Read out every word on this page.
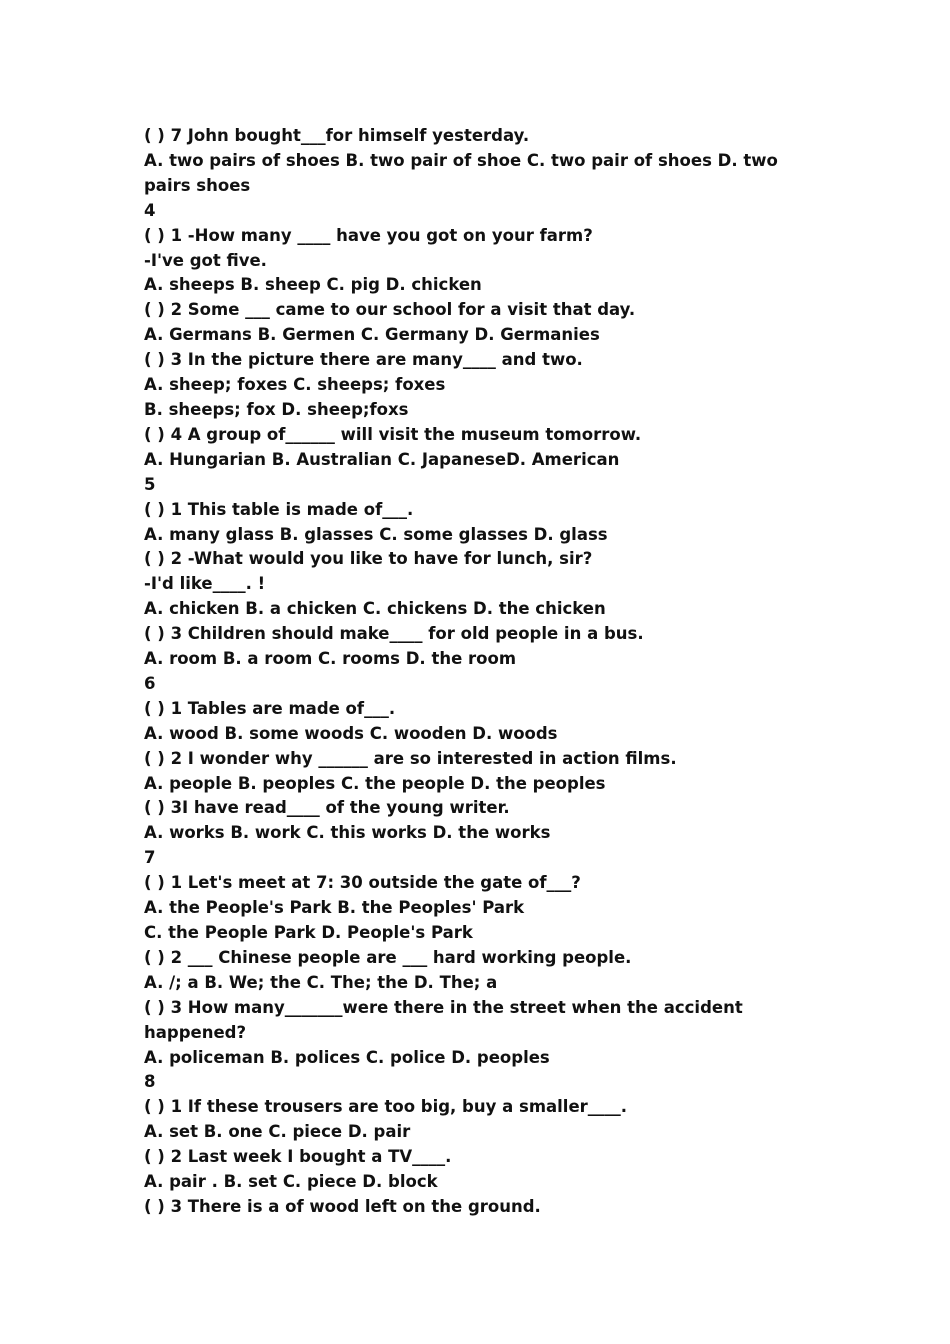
( ) 7 John bought___for himself yesterday.
A. two pairs of shoes B. two pair of shoe C. two pair of shoes D. two
pairs shoes
4
( ) 1 -How many ____ have you got on your farm?
-I've got five.
A. sheeps B. sheep C. pig D. chicken
( ) 2 Some ___ came to our school for a visit that day.
A. Germans B. Germen C. Germany D. Germanies
( ) 3 In the picture there are many____ and two.
A. sheep; foxes C. sheeps; foxes
B. sheeps; fox D. sheep;foxs
( ) 4 A group of______ will visit the museum tomorrow.
A. Hungarian B. Australian C. JapaneseD. American
5
( ) 1 This table is made of___.
A. many glass B. glasses C. some glasses D. glass
( ) 2 -What would you like to have for lunch, sir?
-I'd like____. !
A. chicken B. a chicken C. chickens D. the chicken
( ) 3 Children should make____ for old people in a bus.
A. room B. a room C. rooms D. the room
6
( ) 1 Tables are made of___.
A. wood B. some woods C. wooden D. woods
( ) 2 I wonder why ______ are so interested in action films.
A. people B. peoples C. the people D. the peoples
( ) 3I have read____ of the young writer.
A. works B. work C. this works D. the works
7
( ) 1 Let's meet at 7: 30 outside the gate of___?
A. the People's Park B. the Peoples' Park
C. the People Park D. People's Park
( ) 2 ___ Chinese people are ___ hard working people.
A. /; a B. We; the C. The; the D. The; a
( ) 3 How many_______were there in the street when the accident
happened?
A. policeman B. polices C. police D. peoples
8
( ) 1 If these trousers are too big, buy a smaller____.
A. set B. one C. piece D. pair
( ) 2 Last week I bought a TV____.
A. pair . B. set C. piece D. block
( ) 3 There is a of wood left on the ground.
